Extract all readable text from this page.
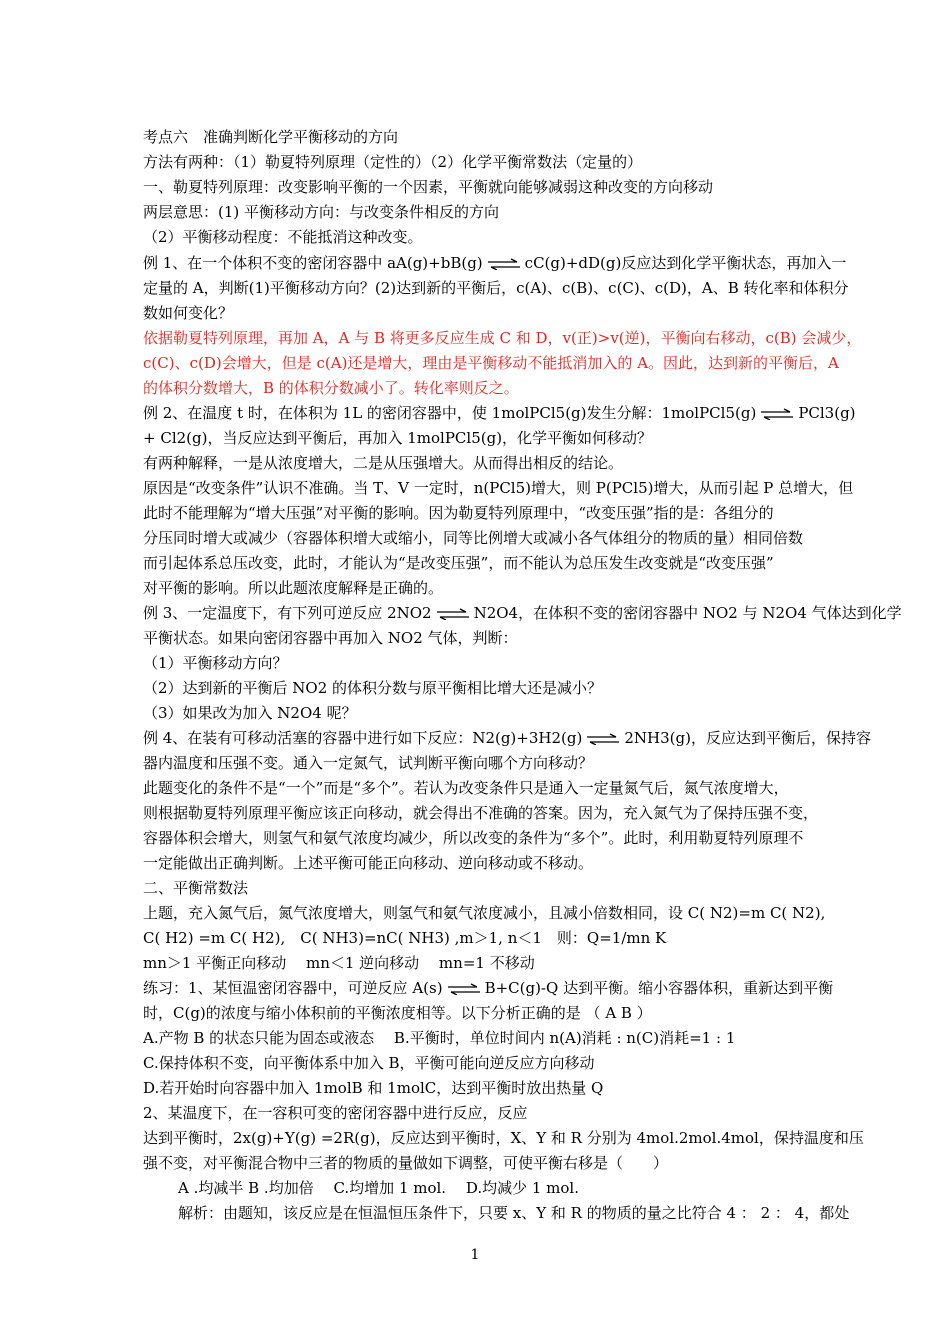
考点六　准确判断化学平衡移动的方向
方法有两种：（1）勒夏特列原理（定性的）（2）化学平衡常数法（定量的）
一、勒夏特列原理：改变影响平衡的一个因素，平衡就向能够减弱这种改变的方向移动
两层意思：(1) 平衡移动方向：与改变条件相反的方向
（2）平衡移动程度：不能抵消这种改变。
例 1、在一个体积不变的密闭容器中 aA(g)+bB(g) ⇌ cC(g)+dD(g)反应达到化学平衡状态，再加入一
定量的 A，判断(1)平衡移动方向？(2)达到新的平衡后，c(A)、c(B)、c(C)、c(D)，A、B 转化率和体积分
数如何变化？
依据勒夏特列原理，再加 A，A 与 B 将更多反应生成 C 和 D，v(正)>v(逆)，平衡向右移动，c(B) 会减少，
c(C)、c(D)会增大，但是 c(A)还是增大，理由是平衡移动不能抵消加入的 A。因此，达到新的平衡后，A
的体积分数增大，B 的体积分数减小了。转化率则反之。
例 2、在温度 t 时，在体积为 1L 的密闭容器中，使 1molPCl5(g)发生分解：1molPCl5(g) ⇌ PCl3(g)
+ Cl2(g)，当反应达到平衡后，再加入 1molPCl5(g)，化学平衡如何移动？
有两种解释，一是从浓度增大，二是从压强增大。从而得出相反的结论。
原因是“改变条件”认识不准确。当 T、V 一定时，n(PCl5)增大，则 P(PCl5)增大，从而引起 P 总增大，但
此时不能理解为“增大压强”对平衡的影响。因为勒夏特列原理中，“改变压强”指的是：各组分的
分压同时增大或减少（容器体积增大或缩小，同等比例增大或减小各气体组分的物质的量）相同倍数
而引起体系总压改变，此时，才能认为“是改变压强”，而不能认为总压发生改变就是“改变压强”
对平衡的影响。所以此题浓度解释是正确的。
例 3、一定温度下，有下列可逆反应 2NO2 ⇌ N2O4，在体积不变的密闭容器中 NO2 与 N2O4 气体达到化学
平衡状态。如果向密闭容器中再加入 NO2 气体，判断：
（1）平衡移动方向？
（2）达到新的平衡后 NO2 的体积分数与原平衡相比增大还是减小？
（3）如果改为加入 N2O4 呢？
例 4、在装有可移动活塞的容器中进行如下反应：N2(g)+3H2(g) ⇌ 2NH3(g)，反应达到平衡后，保持容
器内温度和压强不变。通入一定氮气，试判断平衡向哪个方向移动？
此题变化的条件不是“一个”而是“多个”。若认为改变条件只是通入一定量氮气后，氮气浓度增大，
则根据勒夏特列原理平衡应该正向移动，就会得出不准确的答案。因为，充入氮气为了保持压强不变，
容器体积会增大，则氢气和氨气浓度均减少，所以改变的条件为“多个”。此时，利用勒夏特列原理不
一定能做出正确判断。上述平衡可能正向移动、逆向移动或不移动。
二、平衡常数法
上题，充入氮气后，氮气浓度增大，则氢气和氨气浓度减小，且减小倍数相同，设 C( N2)=m C( N2),
C( H2) =m C( H2),　C( NH3)=nC( NH3) ,m＞1, n＜1　则：Q=1/mn K
mn＞1 平衡正向移动　 mn＜1 逆向移动　 mn=1 不移动
练习：1、某恒温密闭容器中，可逆反应 A(s) ⇌ B+C(g)-Q 达到平衡。缩小容器体积，重新达到平衡
时，C(g)的浓度与缩小体积前的平衡浓度相等。以下分析正确的是 （ A B ）
A.产物 B 的状态只能为固态或液态　 B.平衡时，单位时间内 n(A)消耗 : n(C)消耗=1 : 1
C.保持体积不变，向平衡体系中加入 B，平衡可能向逆反应方向移动
D.若开始时向容器中加入 1molB 和 1molC，达到平衡时放出热量 Q
2、某温度下，在一容积可变的密闭容器中进行反应，反应
达到平衡时，2x(g)+Y(g) =2R(g)，反应达到平衡时，X、Y 和 R 分别为 4mol.2mol.4mol，保持温度和压
强不变，对平衡混合物中三者的物质的量做如下调整，可使平衡右移是（　　）
A .均减半 B .均加倍　 C.均增加 1 mol.　 D.均减少 1 mol.
解析：由题知，该反应是在恒温恒压条件下，只要 x、Y 和 R 的物质的量之比符合 4 ： 2 ： 4，都处
1
